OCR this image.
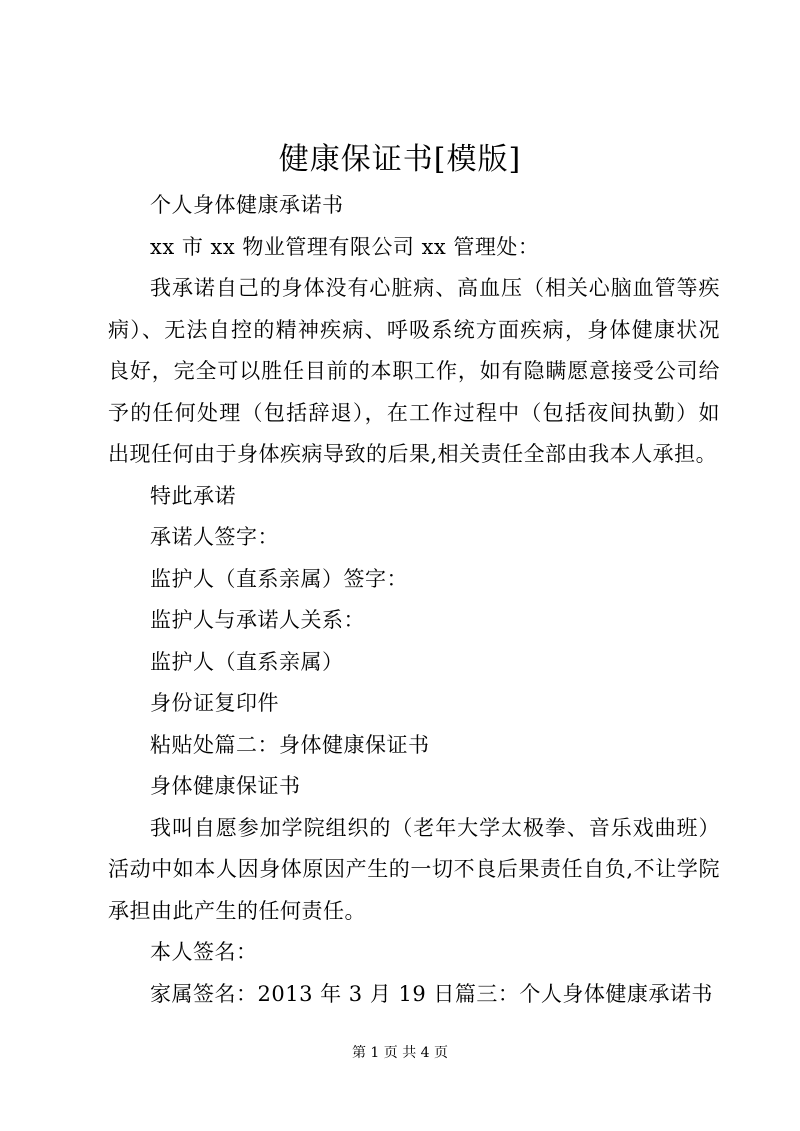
健康保证书[模版]

个人身体健康承诺书

xx 市 xx 物业管理有限公司 xx 管理处：

我承诺自己的身体没有心脏病、高血压（相关心脑血管等疾病）、无法自控的精神疾病、呼吸系统方面疾病，身体健康状况良好，完全可以胜任目前的本职工作，如有隐瞒愿意接受公司给予的任何处理（包括辞退），在工作过程中（包括夜间执勤）如出现任何由于身体疾病导致的后果,相关责任全部由我本人承担。

特此承诺

承诺人签字：

监护人（直系亲属）签字：

监护人与承诺人关系：

监护人（直系亲属）

身份证复印件

粘贴处篇二：身体健康保证书

身体健康保证书

我叫自愿参加学院组织的（老年大学太极拳、音乐戏曲班）活动中如本人因身体原因产生的一切不良后果责任自负,不让学院承担由此产生的任何责任。

本人签名：

家属签名：2013 年 3 月 19 日篇三：个人身体健康承诺书

第 1 页 共 4 页
